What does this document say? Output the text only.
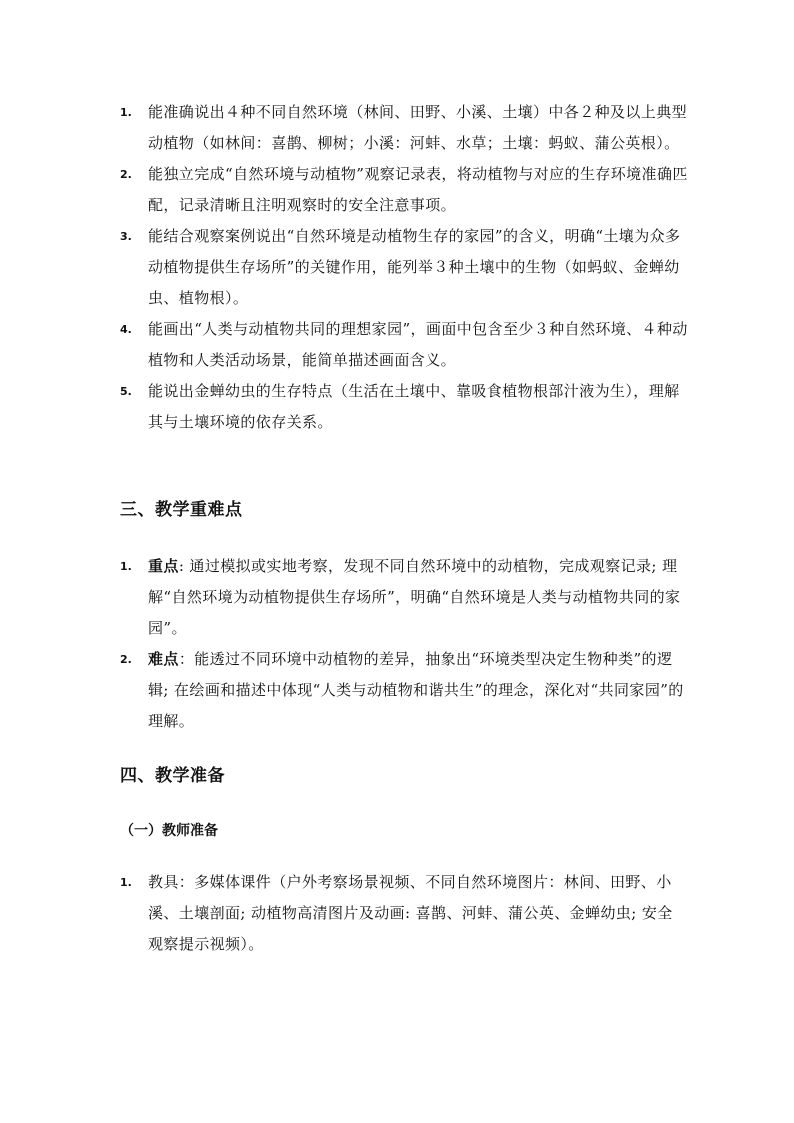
1. 能准确说出４种不同自然环境（林间、田野、小溪、土壤）中各２种及以上典型动植物（如林间：喜鹊、柳树；小溪：河蚌、水草；土壤：蚂蚁、蒲公英根）。
2. 能独立完成“自然环境与动植物”观察记录表，将动植物与对应的生存环境准确匹配，记录清晰且注明观察时的安全注意事项。
3. 能结合观察案例说出“自然环境是动植物生存的家园”的含义，明确“土壤为众多动植物提供生存场所”的关键作用，能列举３种土壤中的生物（如蚂蚁、金蝉幼虫、植物根）。
4. 能画出“人类与动植物共同的理想家园”，画面中包含至少３种自然环境、４种动植物和人类活动场景，能简单描述画面含义。
5. 能说出金蝉幼虫的生存特点（生活在土壤中、靠吸食植物根部汁液为生），理解其与土壤环境的依存关系。
三、教学重难点
1. 重点: 通过模拟或实地考察，发现不同自然环境中的动植物，完成观察记录; 理解“自然环境为动植物提供生存场所”，明确“自然环境是人类与动植物共同的家园”。
2. 难点：能透过不同环境中动植物的差异，抽象出“环境类型决定生物种类”的逻辑; 在绘画和描述中体现“人类与动植物和谐共生”的理念，深化对“共同家园”的理解。
四、教学准备
（一）教师准备
1. 教具：多媒体课件（户外考察场景视频、不同自然环境图片：林间、田野、小溪、土壤剖面; 动植物高清图片及动画: 喜鹊、河蚌、蒲公英、金蝉幼虫; 安全观察提示视频）。
